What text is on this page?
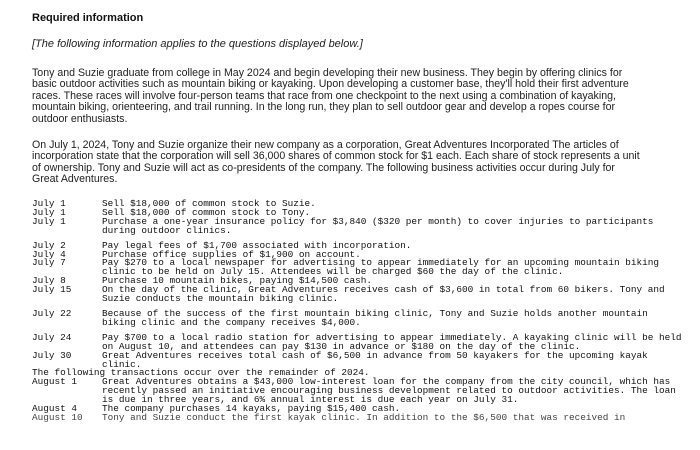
Required information
[The following information applies to the questions displayed below.]
Tony and Suzie graduate from college in May 2024 and begin developing their new business. They begin by offering clinics for basic outdoor activities such as mountain biking or kayaking. Upon developing a customer base, they'll hold their first adventure races. These races will involve four-person teams that race from one checkpoint to the next using a combination of kayaking, mountain biking, orienteering, and trail running. In the long run, they plan to sell outdoor gear and develop a ropes course for outdoor enthusiasts.
On July 1, 2024, Tony and Suzie organize their new company as a corporation, Great Adventures Incorporated The articles of incorporation state that the corporation will sell 36,000 shares of common stock for $1 each. Each share of stock represents a unit of ownership. Tony and Suzie will act as co-presidents of the company. The following business activities occur during July for Great Adventures.
July 1	Sell $18,000 of common stock to Suzie.
July 1	Sell $18,000 of common stock to Tony.
July 1	Purchase a one-year insurance policy for $3,840 ($320 per month) to cover injuries to participants during outdoor clinics.
July 2	Pay legal fees of $1,700 associated with incorporation.
July 4	Purchase office supplies of $1,900 on account.
July 7	Pay $270 to a local newspaper for advertising to appear immediately for an upcoming mountain biking clinic to be held on July 15. Attendees will be charged $60 the day of the clinic.
July 8	Purchase 10 mountain bikes, paying $14,500 cash.
July 15	On the day of the clinic, Great Adventures receives cash of $3,600 in total from 60 bikers. Tony and Suzie conducts the mountain biking clinic.
July 22	Because of the success of the first mountain biking clinic, Tony and Suzie holds another mountain biking clinic and the company receives $4,000.
July 24	Pay $700 to a local radio station for advertising to appear immediately. A kayaking clinic will be held on August 10, and attendees can pay $130 in advance or $180 on the day of the clinic.
July 30	Great Adventures receives total cash of $6,500 in advance from 50 kayakers for the upcoming kayak clinic.
The following transactions occur over the remainder of 2024.
August 1	Great Adventures obtains a $43,000 low-interest loan for the company from the city council, which has recently passed an initiative encouraging business development related to outdoor activities. The loan is due in three years, and 6% annual interest is due each year on July 31.
August 4	The company purchases 14 kayaks, paying $15,400 cash.
August 10	Tony and Suzie conduct the first kayak clinic. In addition to the $6,500 that was received in
